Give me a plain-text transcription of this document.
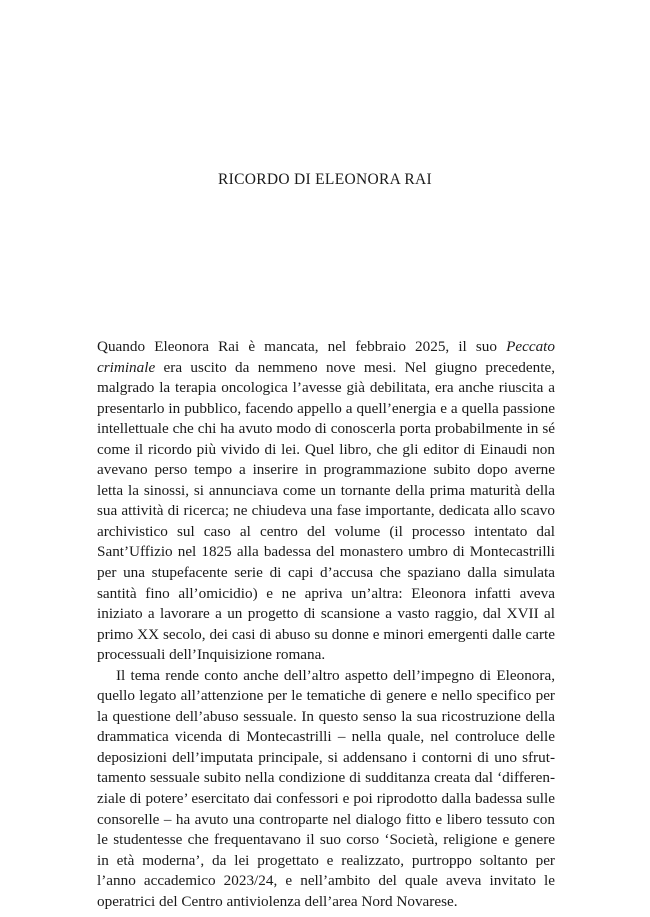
RICORDO DI ELEONORA RAI

Quando Eleonora Rai è mancata, nel febbraio 2025, il suo Peccato criminale era uscito da nemmeno nove mesi. Nel giugno precedente, malgrado la terapia oncologica l’avesse già debilitata, era anche riuscita a presentarlo in pubblico, facendo appello a quell’energia e a quella passione intellettuale che chi ha avuto modo di conoscerla porta probabilmente in sé come il ricordo più vivido di lei. Quel libro, che gli editor di Einaudi non avevano perso tempo a inserire in programmazione subito dopo averne letta la sinossi, si annunciava come un tornante della prima maturità della sua attività di ricerca; ne chiudeva una fase importante, dedicata allo scavo archivistico sul caso al centro del volume (il processo intentato dal Sant’Uffizio nel 1825 alla badessa del monastero umbro di Montecastrilli per una stupefacente serie di capi d’accusa che spaziano dalla simulata santità fino all’omicidio) e ne apriva un’altra: Eleonora infatti aveva iniziato a lavorare a un progetto di scansione a vasto raggio, dal XVII al primo XX secolo, dei casi di abuso su donne e minori emergenti dalle carte processuali dell’Inquisizione romana.

Il tema rende conto anche dell’altro aspetto dell’impegno di Eleonora, quello legato all’attenzione per le tematiche di genere e nello specifico per la questione dell’abuso sessuale. In questo senso la sua ricostruzione della drammatica vicenda di Montecastrilli – nella quale, nel controluce delle deposizioni dell’imputata principale, si addensano i contorni di uno sfruttamento sessuale subito nella condizione di sudditanza creata dal ‘differenziale di potere’ esercitato dai confessori e poi riprodotto dalla badessa sulle consorelle – ha avuto una controparte nel dialogo fitto e libero tessuto con le studentesse che frequentavano il suo corso ‘Società, religione e genere in età moderna’, da lei progettato e realizzato, purtroppo soltanto per l’anno accademico 2023/24, e nell’ambito del quale aveva invitato le operatrici del Centro antiviolenza dell’area Nord Novarese.
